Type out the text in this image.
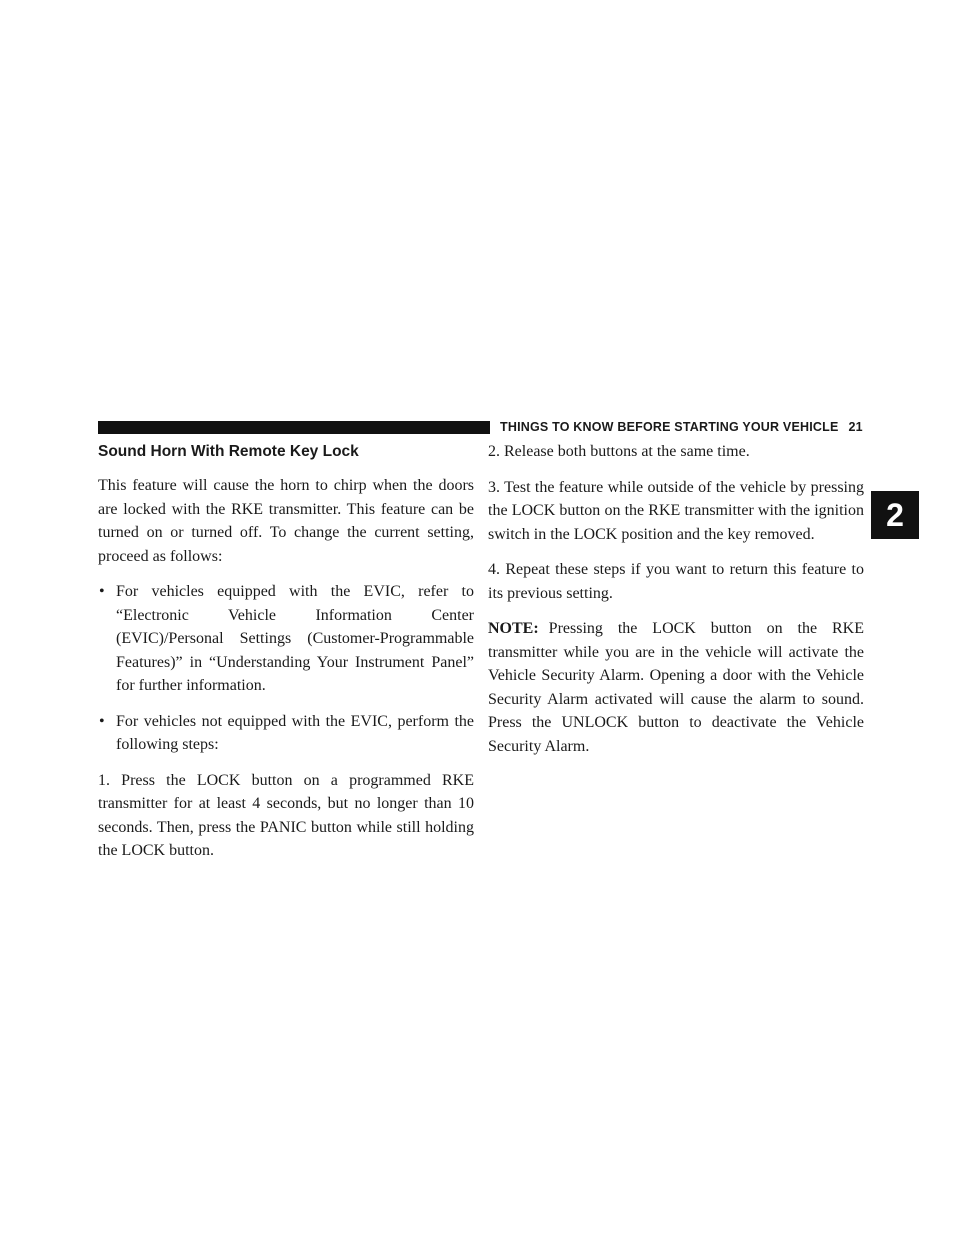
THINGS TO KNOW BEFORE STARTING YOUR VEHICLE 21
2
Sound Horn With Remote Key Lock

This feature will cause the horn to chirp when the doors are locked with the RKE transmitter. This feature can be turned on or turned off. To change the current setting, proceed as follows:

• For vehicles equipped with the EVIC, refer to “Electronic Vehicle Information Center (EVIC)/Personal Settings (Customer-Programmable Features)” in “Understanding Your Instrument Panel” for further information.
• For vehicles not equipped with the EVIC, perform the following steps:

1. Press the LOCK button on a programmed RKE transmitter for at least 4 seconds, but no longer than 10 seconds. Then, press the PANIC button while still holding the LOCK button.

2. Release both buttons at the same time.

3. Test the feature while outside of the vehicle by pressing the LOCK button on the RKE transmitter with the ignition switch in the LOCK position and the key removed.

4. Repeat these steps if you want to return this feature to its previous setting.

NOTE: Pressing the LOCK button on the RKE transmitter while you are in the vehicle will activate the Vehicle Security Alarm. Opening a door with the Vehicle Security Alarm activated will cause the alarm to sound. Press the UNLOCK button to deactivate the Vehicle Security Alarm.
